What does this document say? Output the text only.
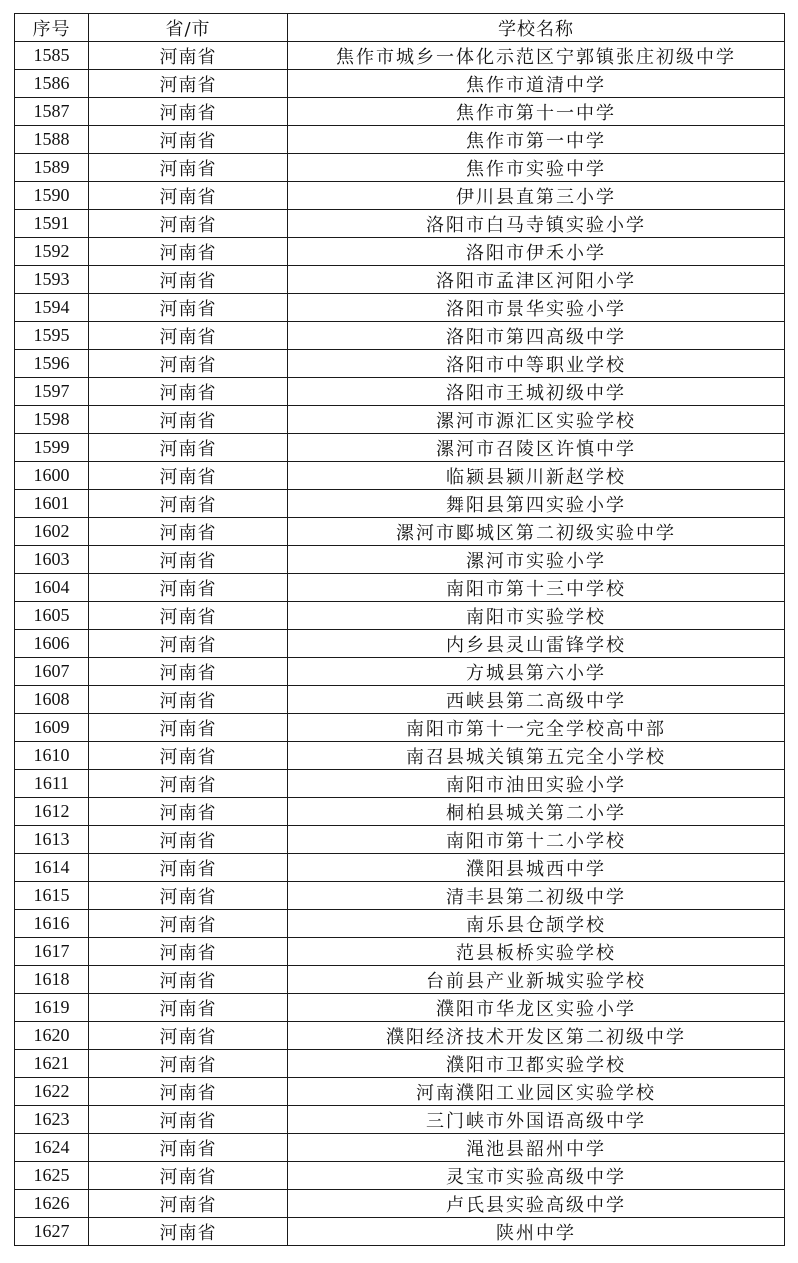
序号	省/市	学校名称
1585	河南省	焦作市城乡一体化示范区宁郭镇张庄初级中学
1586	河南省	焦作市道清中学
1587	河南省	焦作市第十一中学
1588	河南省	焦作市第一中学
1589	河南省	焦作市实验中学
1590	河南省	伊川县直第三小学
1591	河南省	洛阳市白马寺镇实验小学
1592	河南省	洛阳市伊禾小学
1593	河南省	洛阳市孟津区河阳小学
1594	河南省	洛阳市景华实验小学
1595	河南省	洛阳市第四高级中学
1596	河南省	洛阳市中等职业学校
1597	河南省	洛阳市王城初级中学
1598	河南省	漯河市源汇区实验学校
1599	河南省	漯河市召陵区许慎中学
1600	河南省	临颍县颍川新赵学校
1601	河南省	舞阳县第四实验小学
1602	河南省	漯河市郾城区第二初级实验中学
1603	河南省	漯河市实验小学
1604	河南省	南阳市第十三中学校
1605	河南省	南阳市实验学校
1606	河南省	内乡县灵山雷锋学校
1607	河南省	方城县第六小学
1608	河南省	西峡县第二高级中学
1609	河南省	南阳市第十一完全学校高中部
1610	河南省	南召县城关镇第五完全小学校
1611	河南省	南阳市油田实验小学
1612	河南省	桐柏县城关第二小学
1613	河南省	南阳市第十二小学校
1614	河南省	濮阳县城西中学
1615	河南省	清丰县第二初级中学
1616	河南省	南乐县仓颉学校
1617	河南省	范县板桥实验学校
1618	河南省	台前县产业新城实验学校
1619	河南省	濮阳市华龙区实验小学
1620	河南省	濮阳经济技术开发区第二初级中学
1621	河南省	濮阳市卫都实验学校
1622	河南省	河南濮阳工业园区实验学校
1623	河南省	三门峡市外国语高级中学
1624	河南省	渑池县韶州中学
1625	河南省	灵宝市实验高级中学
1626	河南省	卢氏县实验高级中学
1627	河南省	陕州中学
